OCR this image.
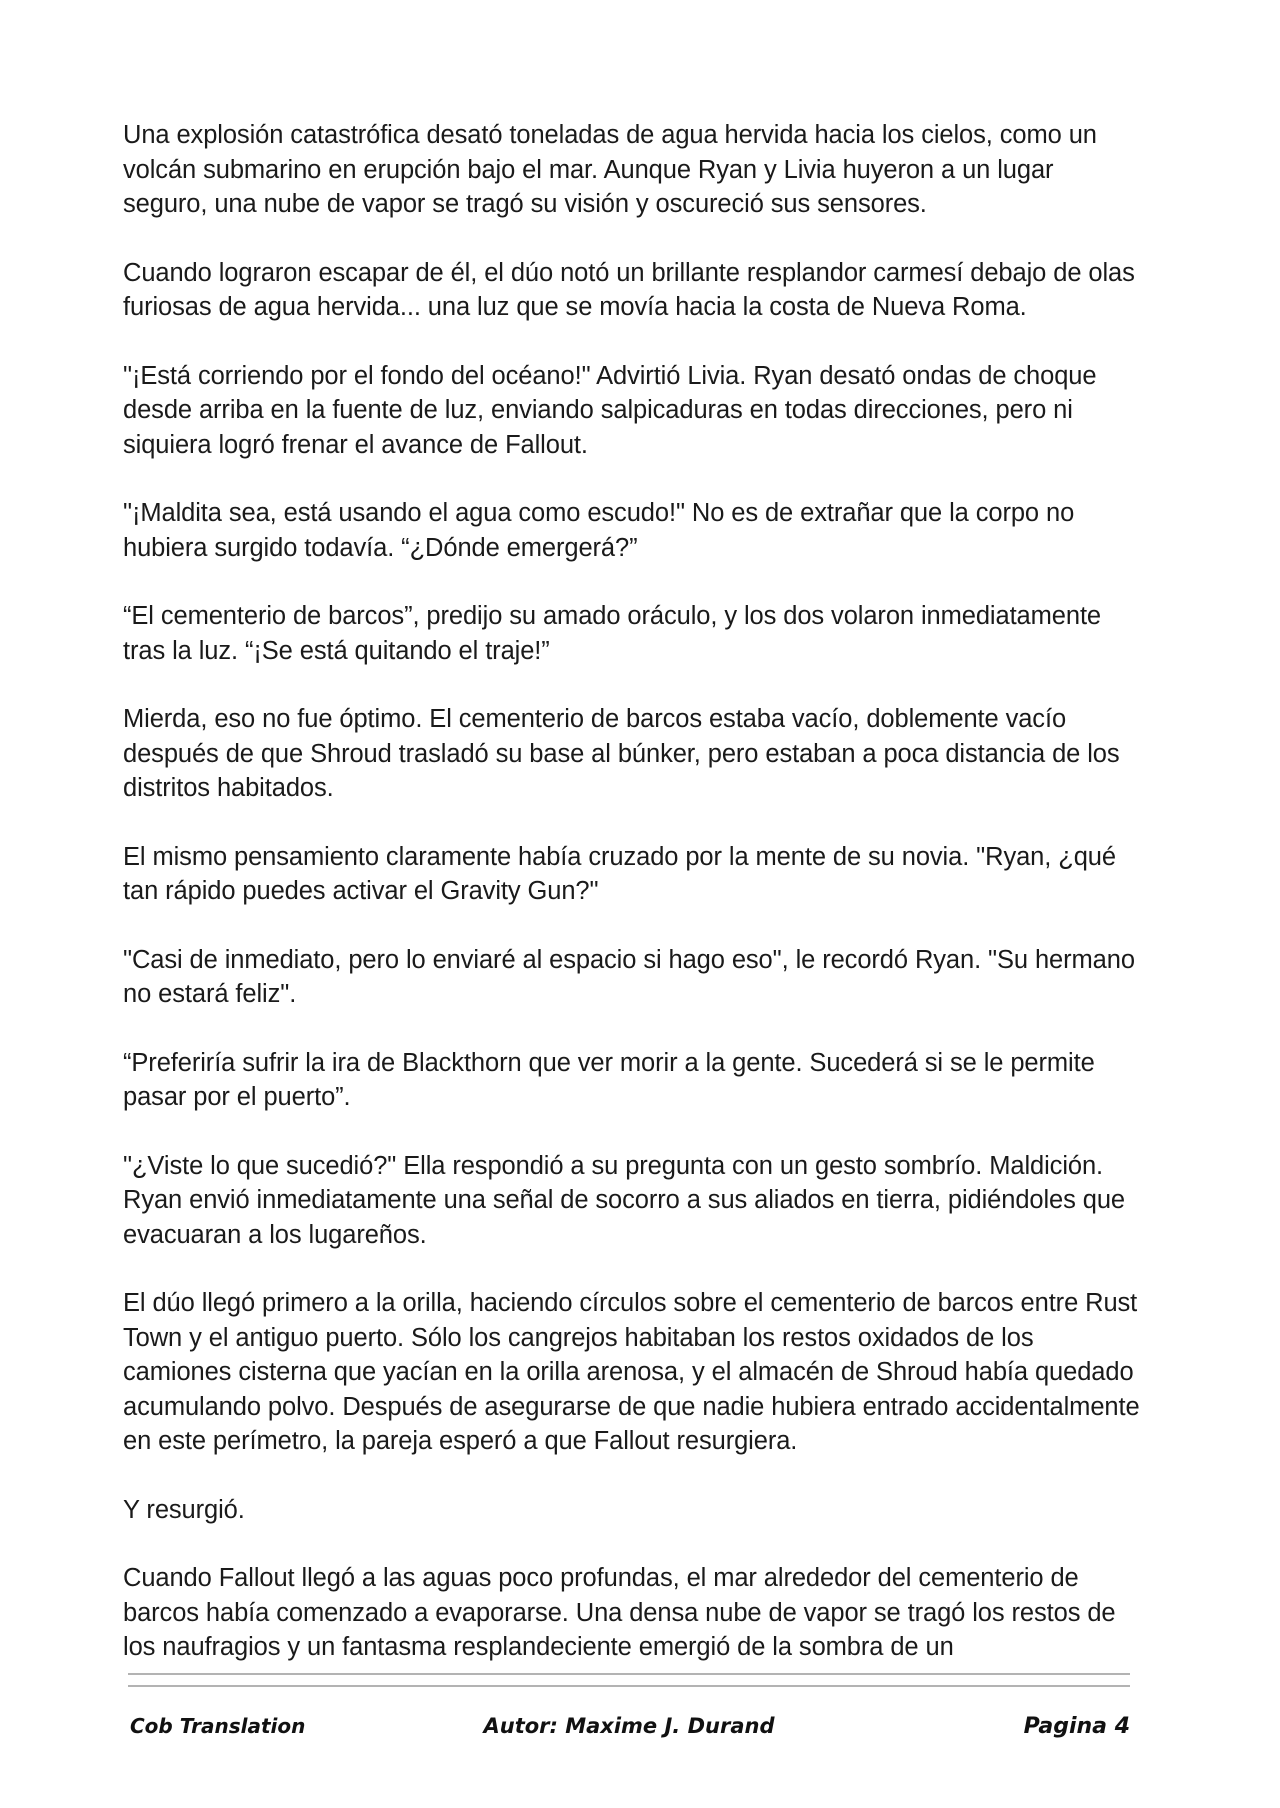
Una explosión catastrófica desató toneladas de agua hervida hacia los cielos, como un volcán submarino en erupción bajo el mar. Aunque Ryan y Livia huyeron a un lugar seguro, una nube de vapor se tragó su visión y oscureció sus sensores.

Cuando lograron escapar de él, el dúo notó un brillante resplandor carmesí debajo de olas furiosas de agua hervida... una luz que se movía hacia la costa de Nueva Roma.

"¡Está corriendo por el fondo del océano!" Advirtió Livia. Ryan desató ondas de choque desde arriba en la fuente de luz, enviando salpicaduras en todas direcciones, pero ni siquiera logró frenar el avance de Fallout.

"¡Maldita sea, está usando el agua como escudo!" No es de extrañar que la corpo no hubiera surgido todavía. “¿Dónde emergerá?”

“El cementerio de barcos”, predijo su amado oráculo, y los dos volaron inmediatamente tras la luz. “¡Se está quitando el traje!”

Mierda, eso no fue óptimo. El cementerio de barcos estaba vacío, doblemente vacío después de que Shroud trasladó su base al búnker, pero estaban a poca distancia de los distritos habitados.

El mismo pensamiento claramente había cruzado por la mente de su novia. "Ryan, ¿qué tan rápido puedes activar el Gravity Gun?"

"Casi de inmediato, pero lo enviaré al espacio si hago eso", le recordó Ryan. "Su hermano no estará feliz".

“Preferiría sufrir la ira de Blackthorn que ver morir a la gente. Sucederá si se le permite pasar por el puerto”.

"¿Viste lo que sucedió?" Ella respondió a su pregunta con un gesto sombrío. Maldición. Ryan envió inmediatamente una señal de socorro a sus aliados en tierra, pidiéndoles que evacuaran a los lugareños.

El dúo llegó primero a la orilla, haciendo círculos sobre el cementerio de barcos entre Rust Town y el antiguo puerto. Sólo los cangrejos habitaban los restos oxidados de los camiones cisterna que yacían en la orilla arenosa, y el almacén de Shroud había quedado acumulando polvo. Después de asegurarse de que nadie hubiera entrado accidentalmente en este perímetro, la pareja esperó a que Fallout resurgiera.

Y resurgió.

Cuando Fallout llegó a las aguas poco profundas, el mar alrededor del cementerio de barcos había comenzado a evaporarse. Una densa nube de vapor se tragó los restos de los naufragios y un fantasma resplandeciente emergió de la sombra de un

Cob Translation	Autor: Maxime J. Durand	Pagina 4
